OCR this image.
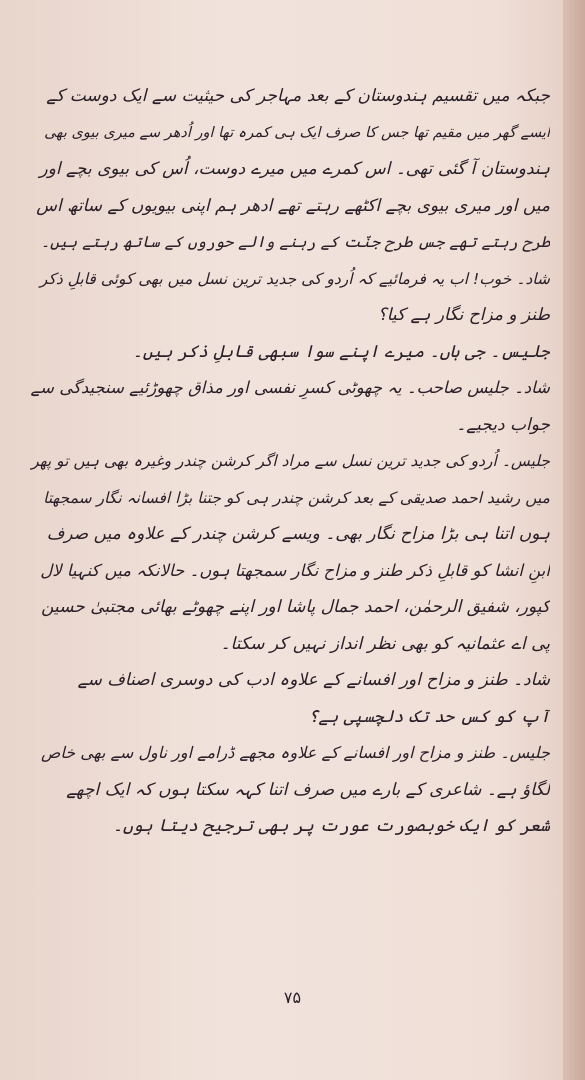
جبکہ میں تقسیم ہندوستان کے بعد مہاجر کی حیثیت سے ایک دوست کے
ایسے گھر میں مقیم تھا جس کا صرف ایک ہی کمرہ تھا اور اُدھر سے میری بیوی بھی
ہندوستان آ گئی تھی۔ اس کمرے میں میرے دوست، اُس کی بیوی بچے اور
میں اور میری بیوی بچے اکٹھے رہتے تھے ادھر ہم اپنی بیویوں کے ساتھ اس
طرح رہتے تھے جس طرح جنّت کے رہنے والے حوروں کے ساتھ رہتے ہیں۔
شاد۔ خوب! اب یہ فرمائیے کہ اُردو کی جدید ترین نسل میں بھی کوئی قابلِ ذکر
طنز و مزاح نگار ہے کیا؟
جلیس۔ جی ہاں۔ میرے اپنے سوا سبھی قابلِ ذکر ہیں۔
شاد۔ جلیس صاحب۔ یہ چھوٹی کسرِ نفسی اور مذاق چھوڑئیے سنجیدگی سے
جواب دیجیے۔
جلیس۔ اُردو کی جدید ترین نسل سے مراد اگر کرشن چندر وغیرہ بھی ہیں تو پھر
میں رشید احمد صدیقی کے بعد کرشن چندر ہی کو جتنا بڑا افسانہ نگار سمجھتا
ہوں اتنا ہی بڑا مزاح نگار بھی۔ ویسے کرشن چندر کے علاوہ میں صرف
ابنِ انشا کو قابلِ ذکر طنز و مزاح نگار سمجھتا ہوں۔ حالانکہ میں کنہیا لال
کپور، شفیق الرحمٰن، احمد جمال پاشا اور اپنے چھوٹے بھائی مجتبیٰ حسین
پی اے عثمانیہ کو بھی نظر انداز نہیں کر سکتا۔
شاد۔ طنز و مزاح اور افسانے کے علاوہ ادب کی دوسری اصناف سے
آپ کو کس حد تک دلچسپی ہے؟
جلیس۔ طنز و مزاح اور افسانے کے علاوہ مجھے ڈرامے اور ناول سے بھی خاص
لگاؤ ہے۔ شاعری کے بارے میں صرف اتنا کہہ سکتا ہوں کہ ایک اچھے
شعر کو ایک خوبصورت عورت پر بھی ترجیح دیتا ہوں۔
۷۵
